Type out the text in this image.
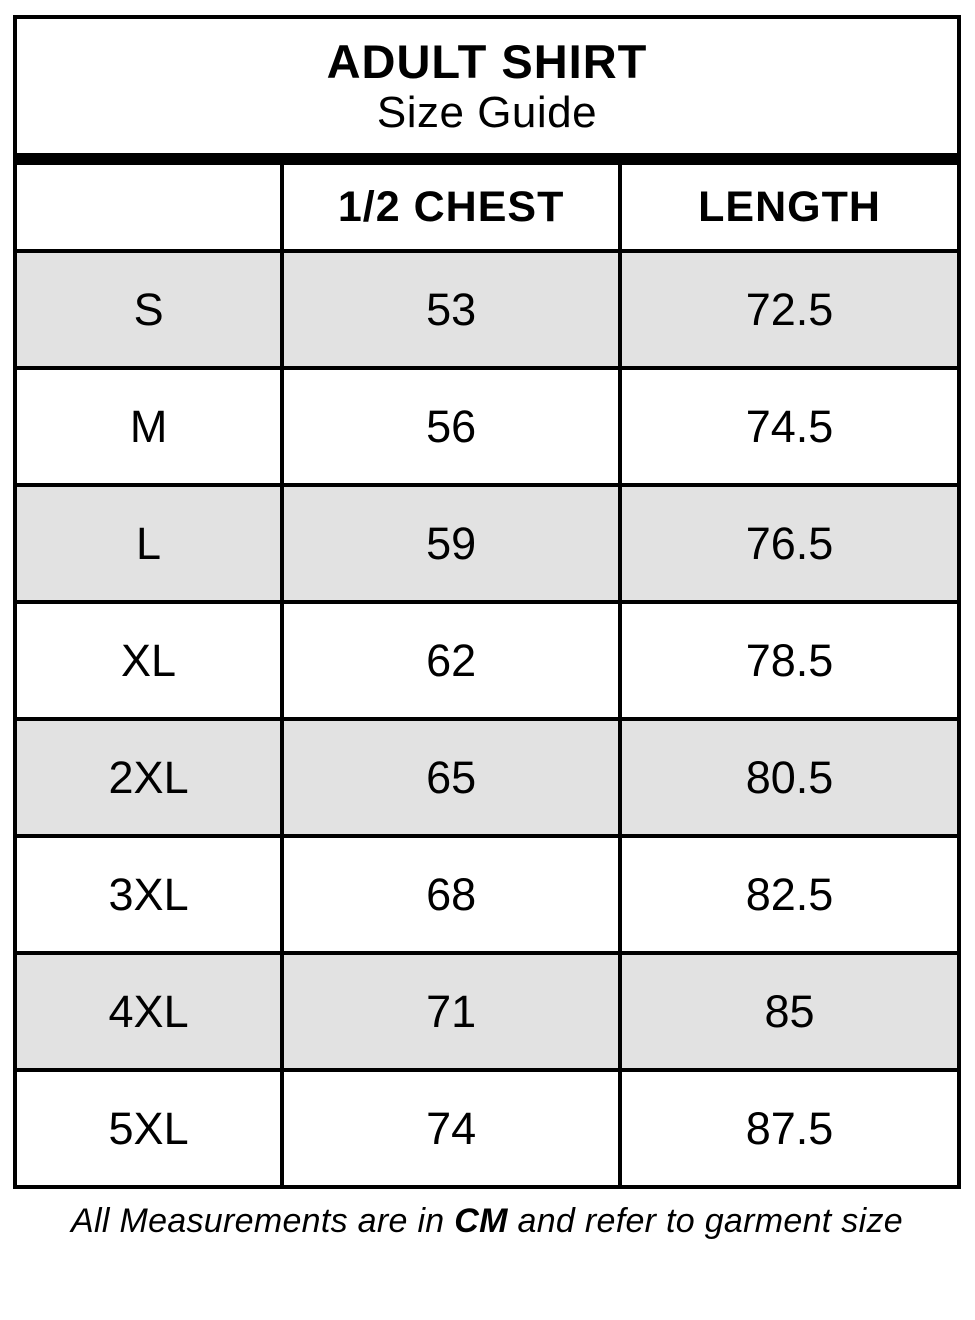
ADULT SHIRT
Size Guide		

	1/2 CHEST	LENGTH
S	53	72.5
M	56	74.5
L	59	76.5
XL	62	78.5
2XL	65	80.5
3XL	68	82.5
4XL	71	85
5XL	74	87.5
All Measurements are in CM and refer to garment size
